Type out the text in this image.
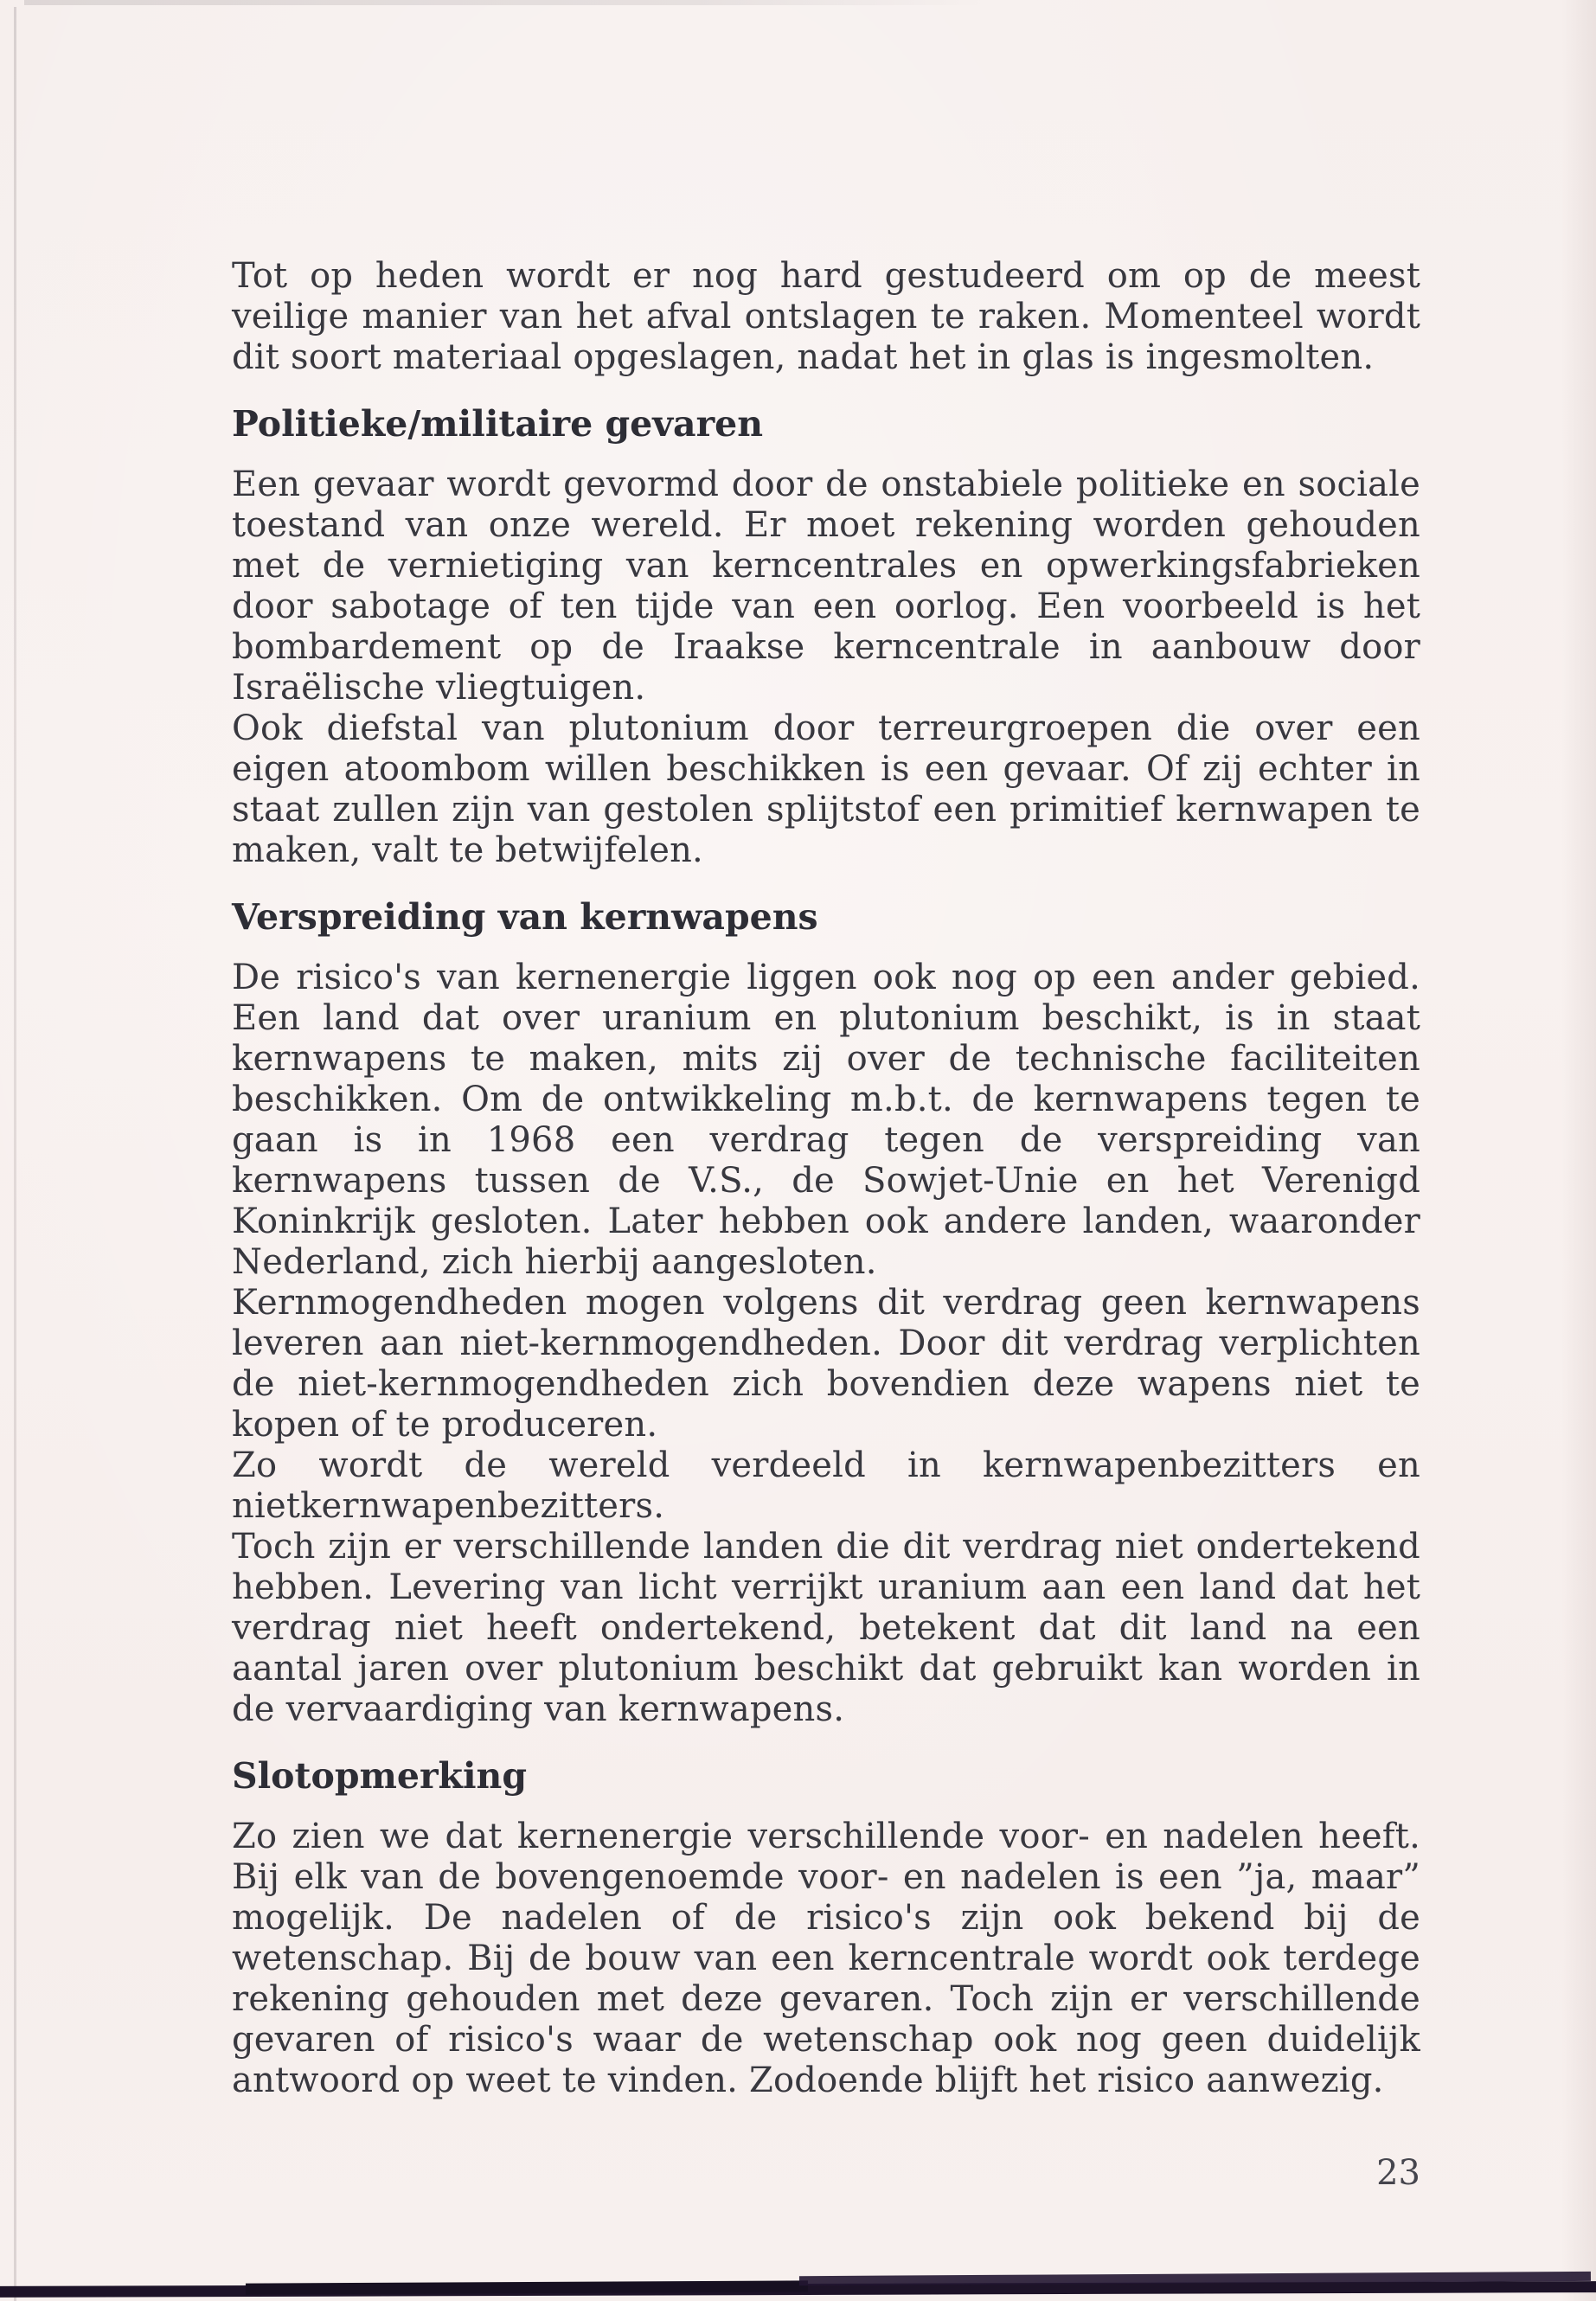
Tot op heden wordt er nog hard gestudeerd om op de meest veilige manier van het afval ontslagen te raken. Momenteel wordt dit soort materiaal opgeslagen, nadat het in glas is ingesmolten.

Politieke/militaire gevaren

Een gevaar wordt gevormd door de onstabiele politieke en sociale toestand van onze wereld. Er moet rekening worden gehouden met de vernietiging van kerncentrales en opwerkingsfabrieken door sabotage of ten tijde van een oorlog. Een voorbeeld is het bombardement op de Iraakse kerncentrale in aanbouw door Israëlische vliegtuigen.

Ook diefstal van plutonium door terreurgroepen die over een eigen atoombom willen beschikken is een gevaar. Of zij echter in staat zullen zijn van gestolen splijtstof een primitief kernwapen te maken, valt te betwijfelen.

Verspreiding van kernwapens

De risico's van kernenergie liggen ook nog op een ander gebied. Een land dat over uranium en plutonium beschikt, is in staat kernwapens te maken, mits zij over de technische faciliteiten beschikken. Om de ontwikkeling m.b.t. de kernwapens tegen te gaan is in 1968 een verdrag tegen de verspreiding van kernwapens tussen de V.S., de Sowjet-Unie en het Verenigd Koninkrijk gesloten. Later hebben ook andere landen, waaronder Nederland, zich hierbij aangesloten.

Kernmogendheden mogen volgens dit verdrag geen kernwapens leveren aan niet-kernmogendheden. Door dit verdrag verplichten de niet-kernmogendheden zich bovendien deze wapens niet te kopen of te produceren.

Zo wordt de wereld verdeeld in kernwapenbezitters en nietkernwapenbezitters.

Toch zijn er verschillende landen die dit verdrag niet ondertekend hebben. Levering van licht verrijkt uranium aan een land dat het verdrag niet heeft ondertekend, betekent dat dit land na een aantal jaren over plutonium beschikt dat gebruikt kan worden in de vervaardiging van kernwapens.

Slotopmerking

Zo zien we dat kernenergie verschillende voor- en nadelen heeft. Bij elk van de bovengenoemde voor- en nadelen is een ”ja, maar” mogelijk. De nadelen of de risico's zijn ook bekend bij de wetenschap. Bij de bouw van een kerncentrale wordt ook terdege rekening gehouden met deze gevaren. Toch zijn er verschillende gevaren of risico's waar de wetenschap ook nog geen duidelijk antwoord op weet te vinden. Zodoende blijft het risico aanwezig.

23
